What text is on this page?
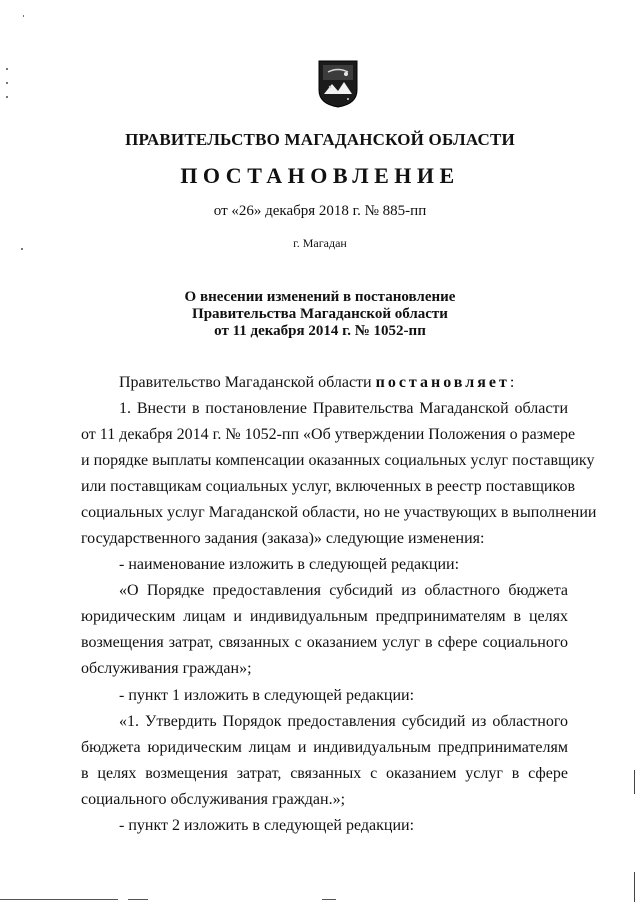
ПРАВИТЕЛЬСТВО МАГАДАНСКОЙ ОБЛАСТИ
ПОСТАНОВЛЕНИЕ
от «26» декабря 2018 г. № 885-пп
г. Магадан
О внесении изменений в постановление
Правительства Магаданской области
от 11 декабря 2014 г. № 1052-пп
Правительство Магаданской области постановляет:
1. Внести в постановление Правительства Магаданской области
от 11 декабря 2014 г. № 1052-пп «Об утверждении Положения о размере
и порядке выплаты компенсации оказанных социальных услуг поставщику
или поставщикам социальных услуг, включенных в реестр поставщиков
социальных услуг Магаданской области, но не участвующих в выполнении
государственного задания (заказа)» следующие изменения:
- наименование изложить в следующей редакции:
«О Порядке предоставления субсидий из областного бюджета
юридическим лицам и индивидуальным предпринимателям в целях
возмещения затрат, связанных с оказанием услуг в сфере социального
обслуживания граждан»;
- пункт 1 изложить в следующей редакции:
«1. Утвердить Порядок предоставления субсидий из областного
бюджета юридическим лицам и индивидуальным предпринимателям
в целях возмещения затрат, связанных с оказанием услуг в сфере
социального обслуживания граждан.»;
- пункт 2 изложить в следующей редакции:
